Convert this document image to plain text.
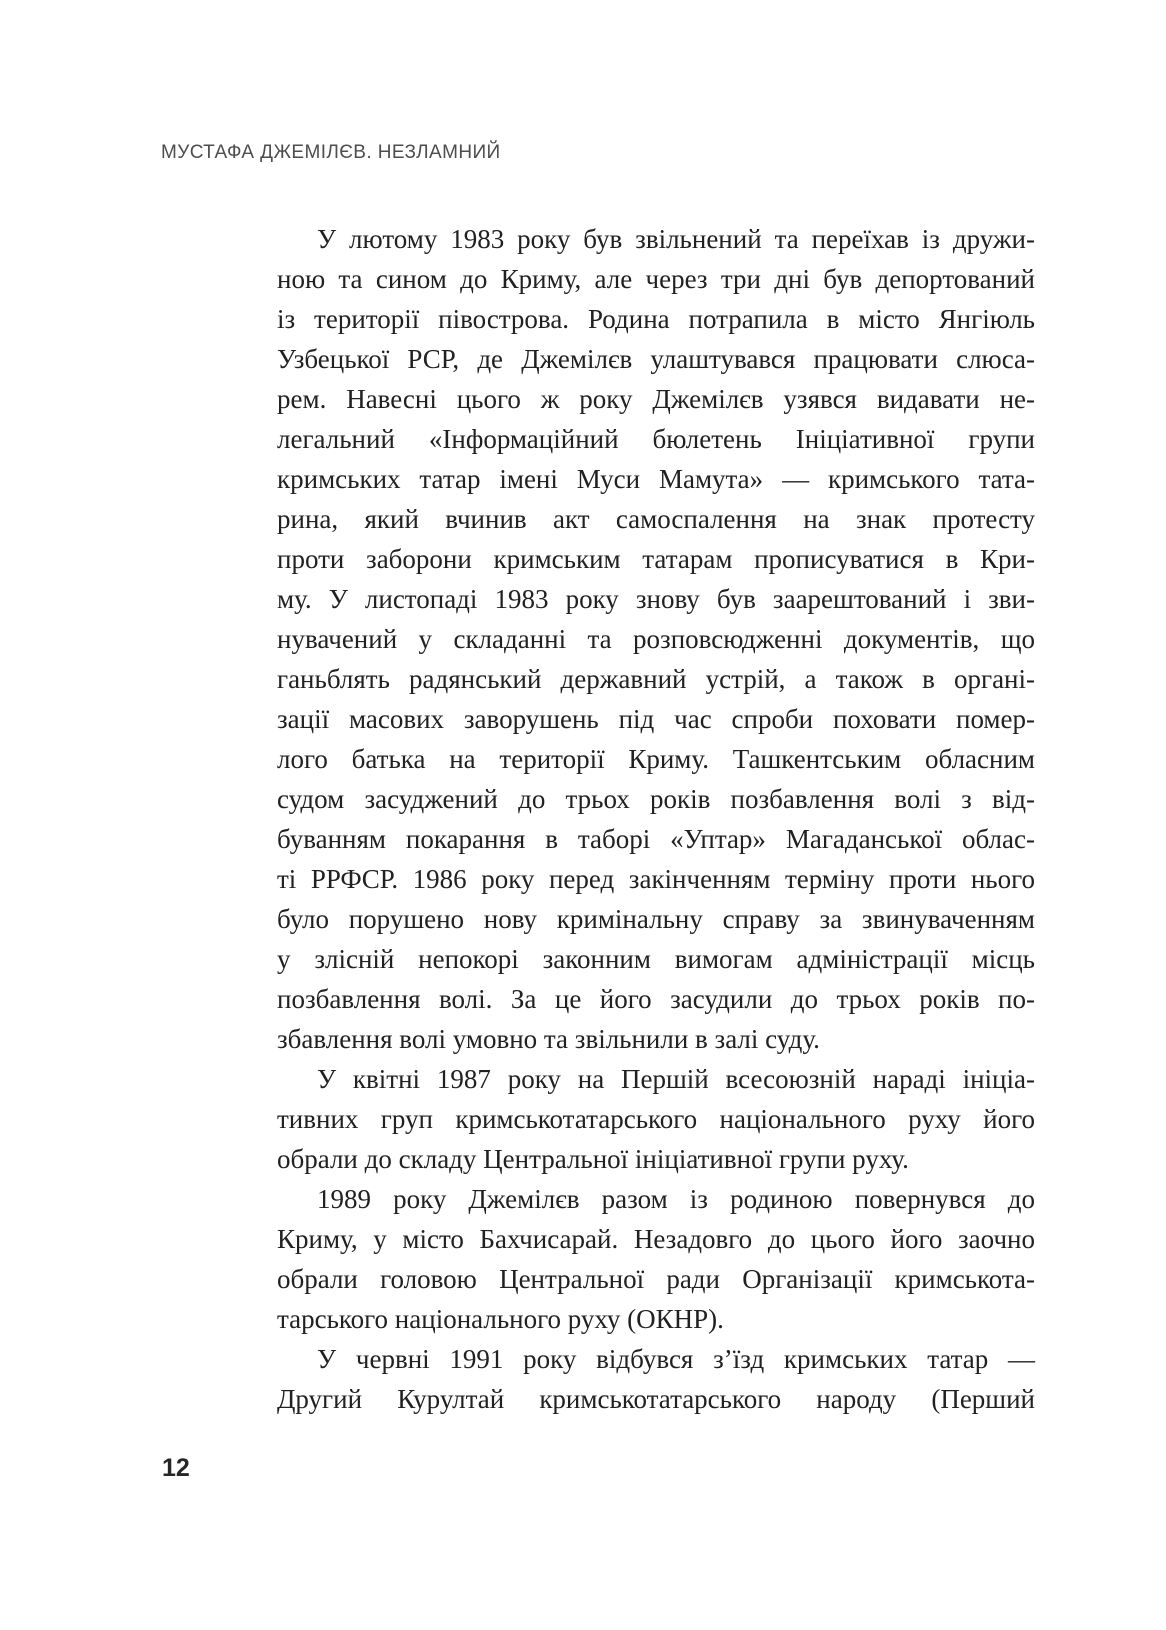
МУСТАФА ДЖЕМІЛЄВ. НЕЗЛАМНИЙ
У лютому 1983 року був звільнений та переїхав із дружи-
ною та сином до Криму, але через три дні був депортований
із території півострова. Родина потрапила в місто Янгіюль
Узбецької РСР, де Джемілєв улаштувався працювати слюса-
рем. Навесні цього ж року Джемілєв узявся видавати не-
легальний «Інформаційний бюлетень Ініціативної групи
кримських татар імені Муси Мамута» — кримського тата-
рина, який вчинив акт самоспалення на знак протесту
проти заборони кримським татарам прописуватися в Кри-
му. У листопаді 1983 року знову був заарештований і зви-
нувачений у складанні та розповсюдженні документів, що
ганьблять радянський державний устрій, а також в органі-
зації масових заворушень під час спроби поховати помер-
лого батька на території Криму. Ташкентським обласним
судом засуджений до трьох років позбавлення волі з від-
буванням покарання в таборі «Уптар» Магаданської облас-
ті РРФСР. 1986 року перед закінченням терміну проти нього
було порушено нову кримінальну справу за звинуваченням
у злісній непокорі законним вимогам адміністрації місць
позбавлення волі. За це його засудили до трьох років по-
збавлення волі умовно та звільнили в залі суду.
У квітні 1987 року на Першій всесоюзній нараді ініціа-
тивних груп кримськотатарського національного руху його
обрали до складу Центральної ініціативної групи руху.
1989 року Джемілєв разом із родиною повернувся до
Криму, у місто Бахчисарай. Незадовго до цього його заочно
обрали головою Центральної ради Організації кримськота-
тарського національного руху (ОКНР).
У червні 1991 року відбувся з’їзд кримських татар —
Другий Курултай кримськотатарського народу (Перший
12
